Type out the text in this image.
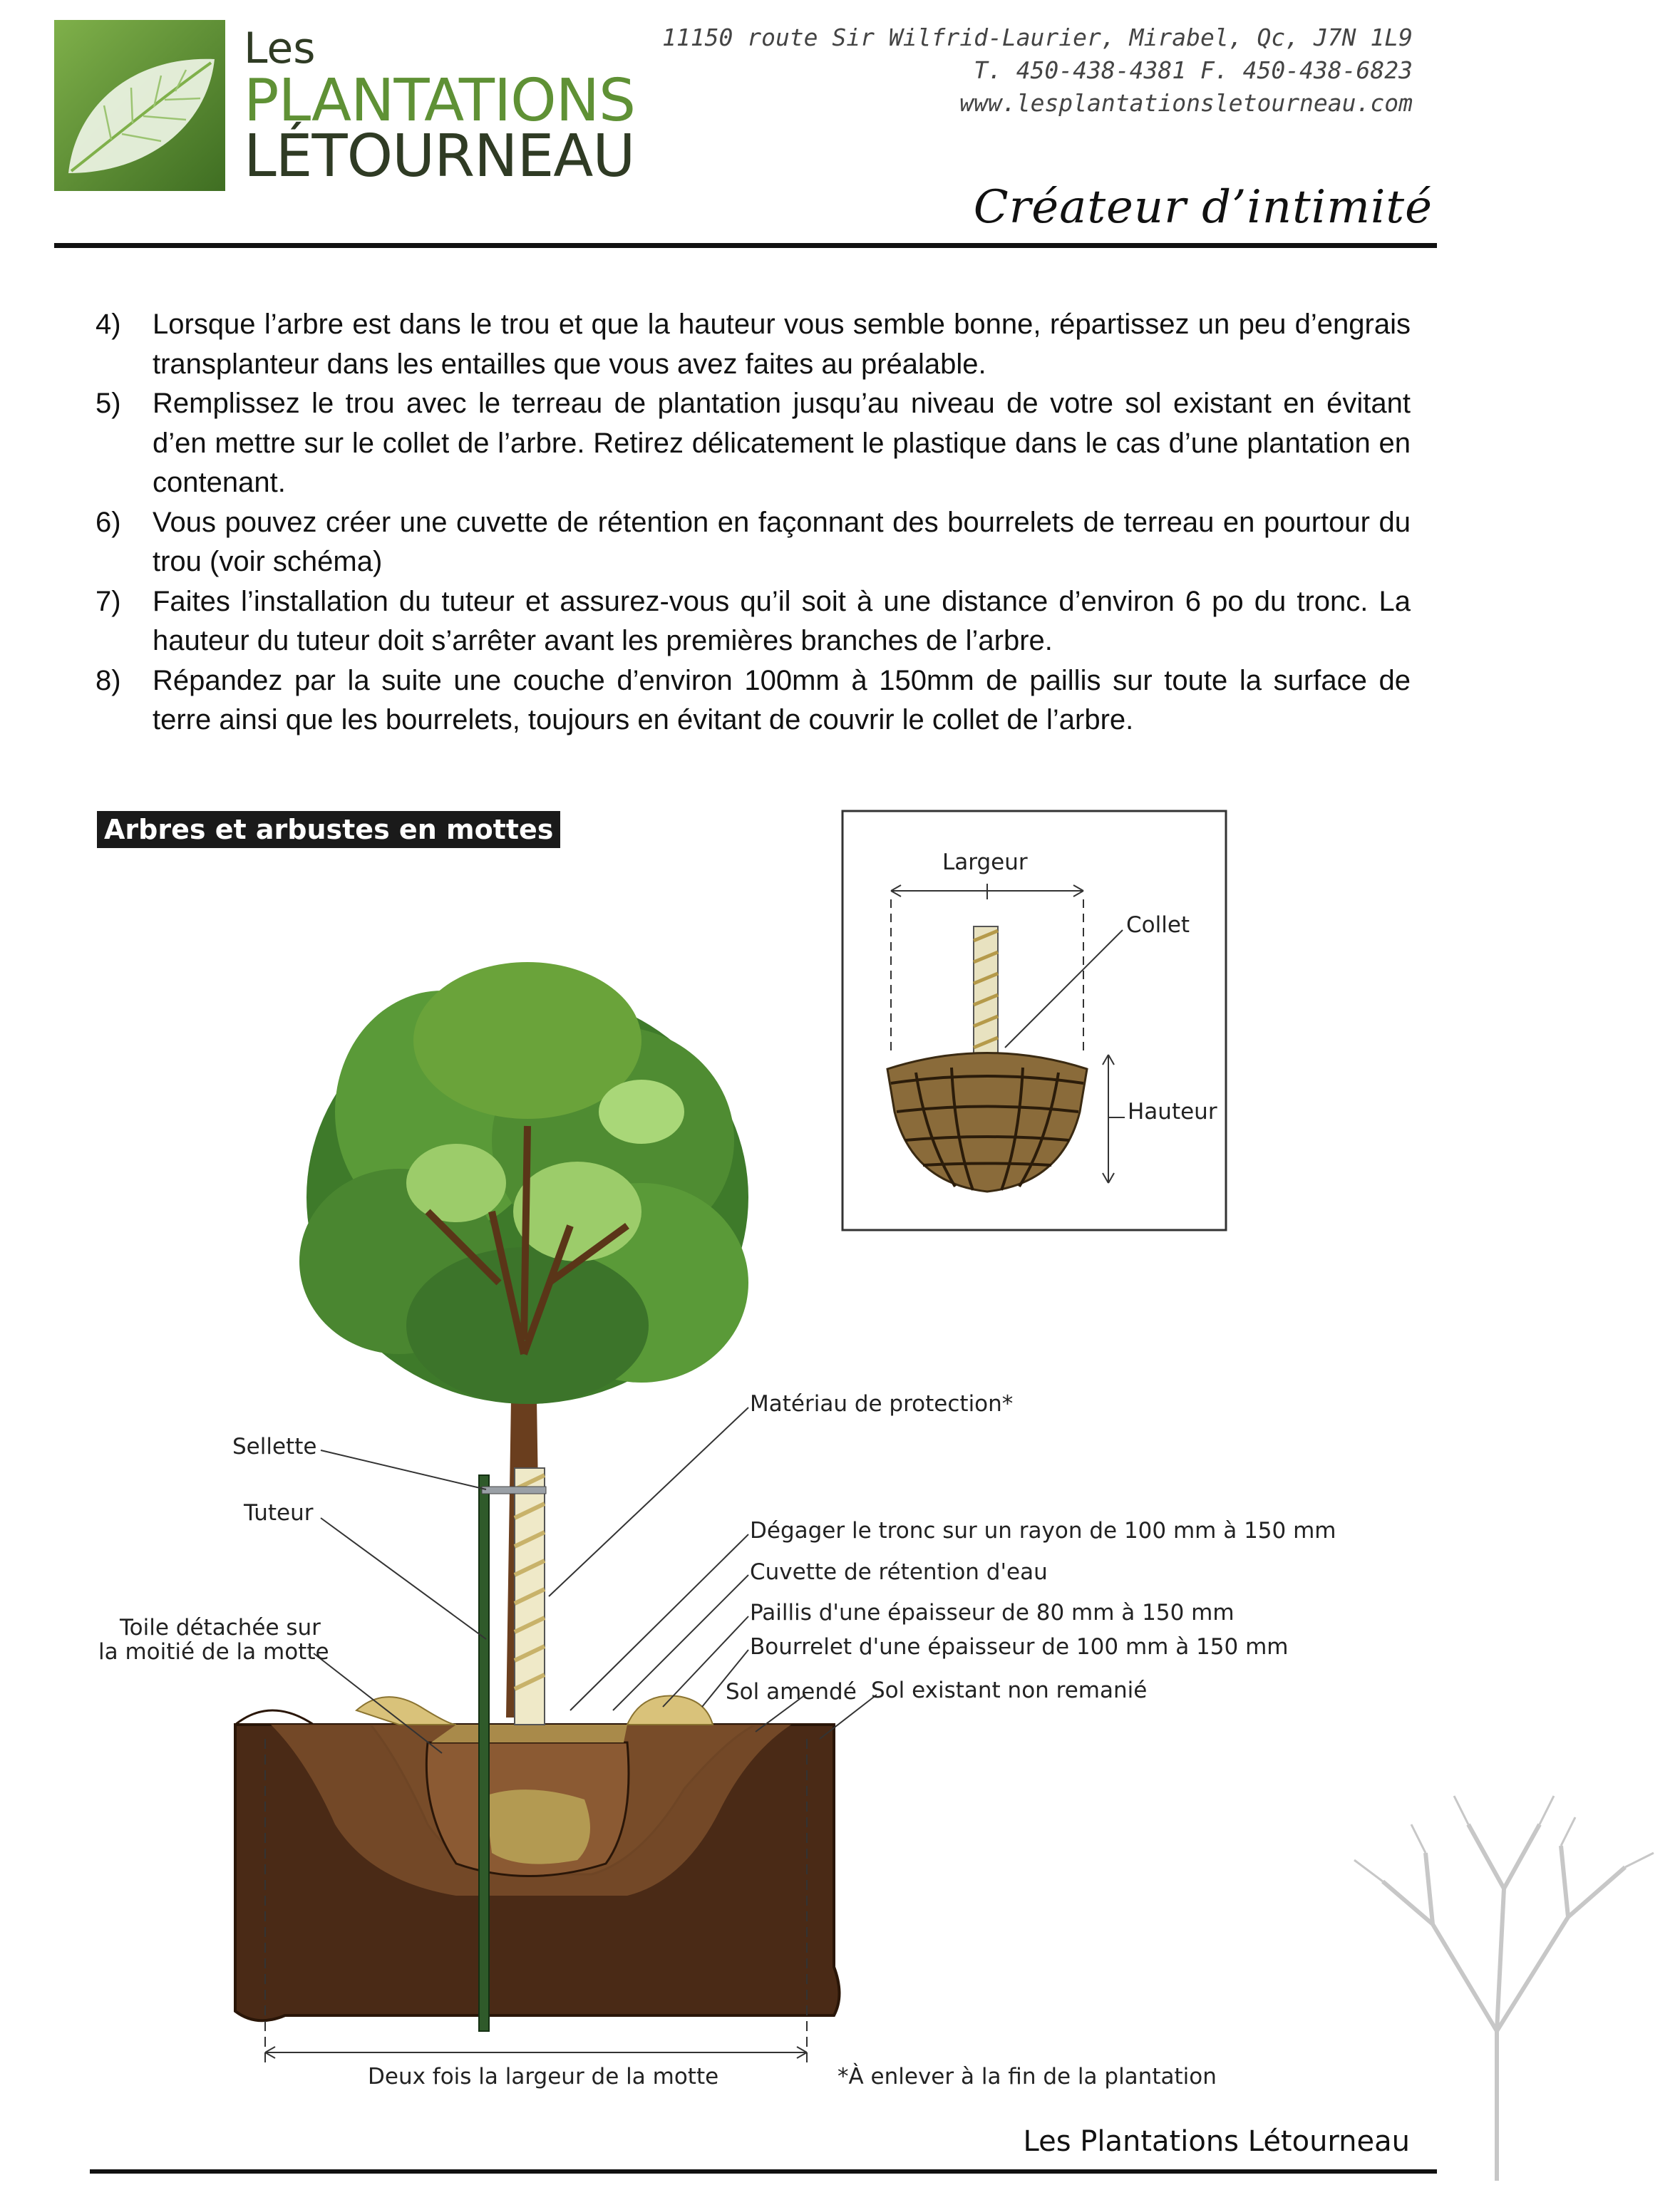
Les
PLANTATIONS
LÉTOURNEAU
11150 route Sir Wilfrid-Laurier, Mirabel, Qc, J7N 1L9
T. 450-438-4381 F. 450-438-6823
www.lesplantationsletourneau.com
Créateur d’intimité
4) Lorsque l’arbre est dans le trou et que la hauteur vous semble bonne, répartissez un peu d’engrais transplanteur dans les entailles que vous avez faites au préalable.
5) Remplissez le trou avec le terreau de plantation jusqu’au niveau de votre sol existant en évitant d’en mettre sur le collet de l’arbre. Retirez délicatement le plastique dans le cas d’une plantation en contenant.
6) Vous pouvez créer une cuvette de rétention en façonnant des bourrelets de terreau en pourtour du trou (voir schéma)
7) Faites l’installation du tuteur et assurez-vous qu’il soit à une distance d’environ 6 po du tronc. La hauteur du tuteur doit s’arrêter avant les premières branches de l’arbre.
8) Répandez par la suite une couche d’environ 100mm à 150mm de paillis sur toute la surface de terre ainsi que les bourrelets, toujours en évitant de couvrir le collet de l’arbre.
Arbres et arbustes en mottes
Largeur
Collet
Hauteur
Matériau de protection*
Sellette
Tuteur
Toile détachée sur
la moitié de la motte
Dégager le tronc sur un rayon de 100 mm à 150 mm
Cuvette de rétention d'eau
Paillis d'une épaisseur de 80 mm à 150 mm
Bourrelet d'une épaisseur de 100 mm à 150 mm
Sol amendé Sol existant non remanié
Deux fois la largeur de la motte	*À enlever à la fin de la plantation
Les Plantations Létourneau
